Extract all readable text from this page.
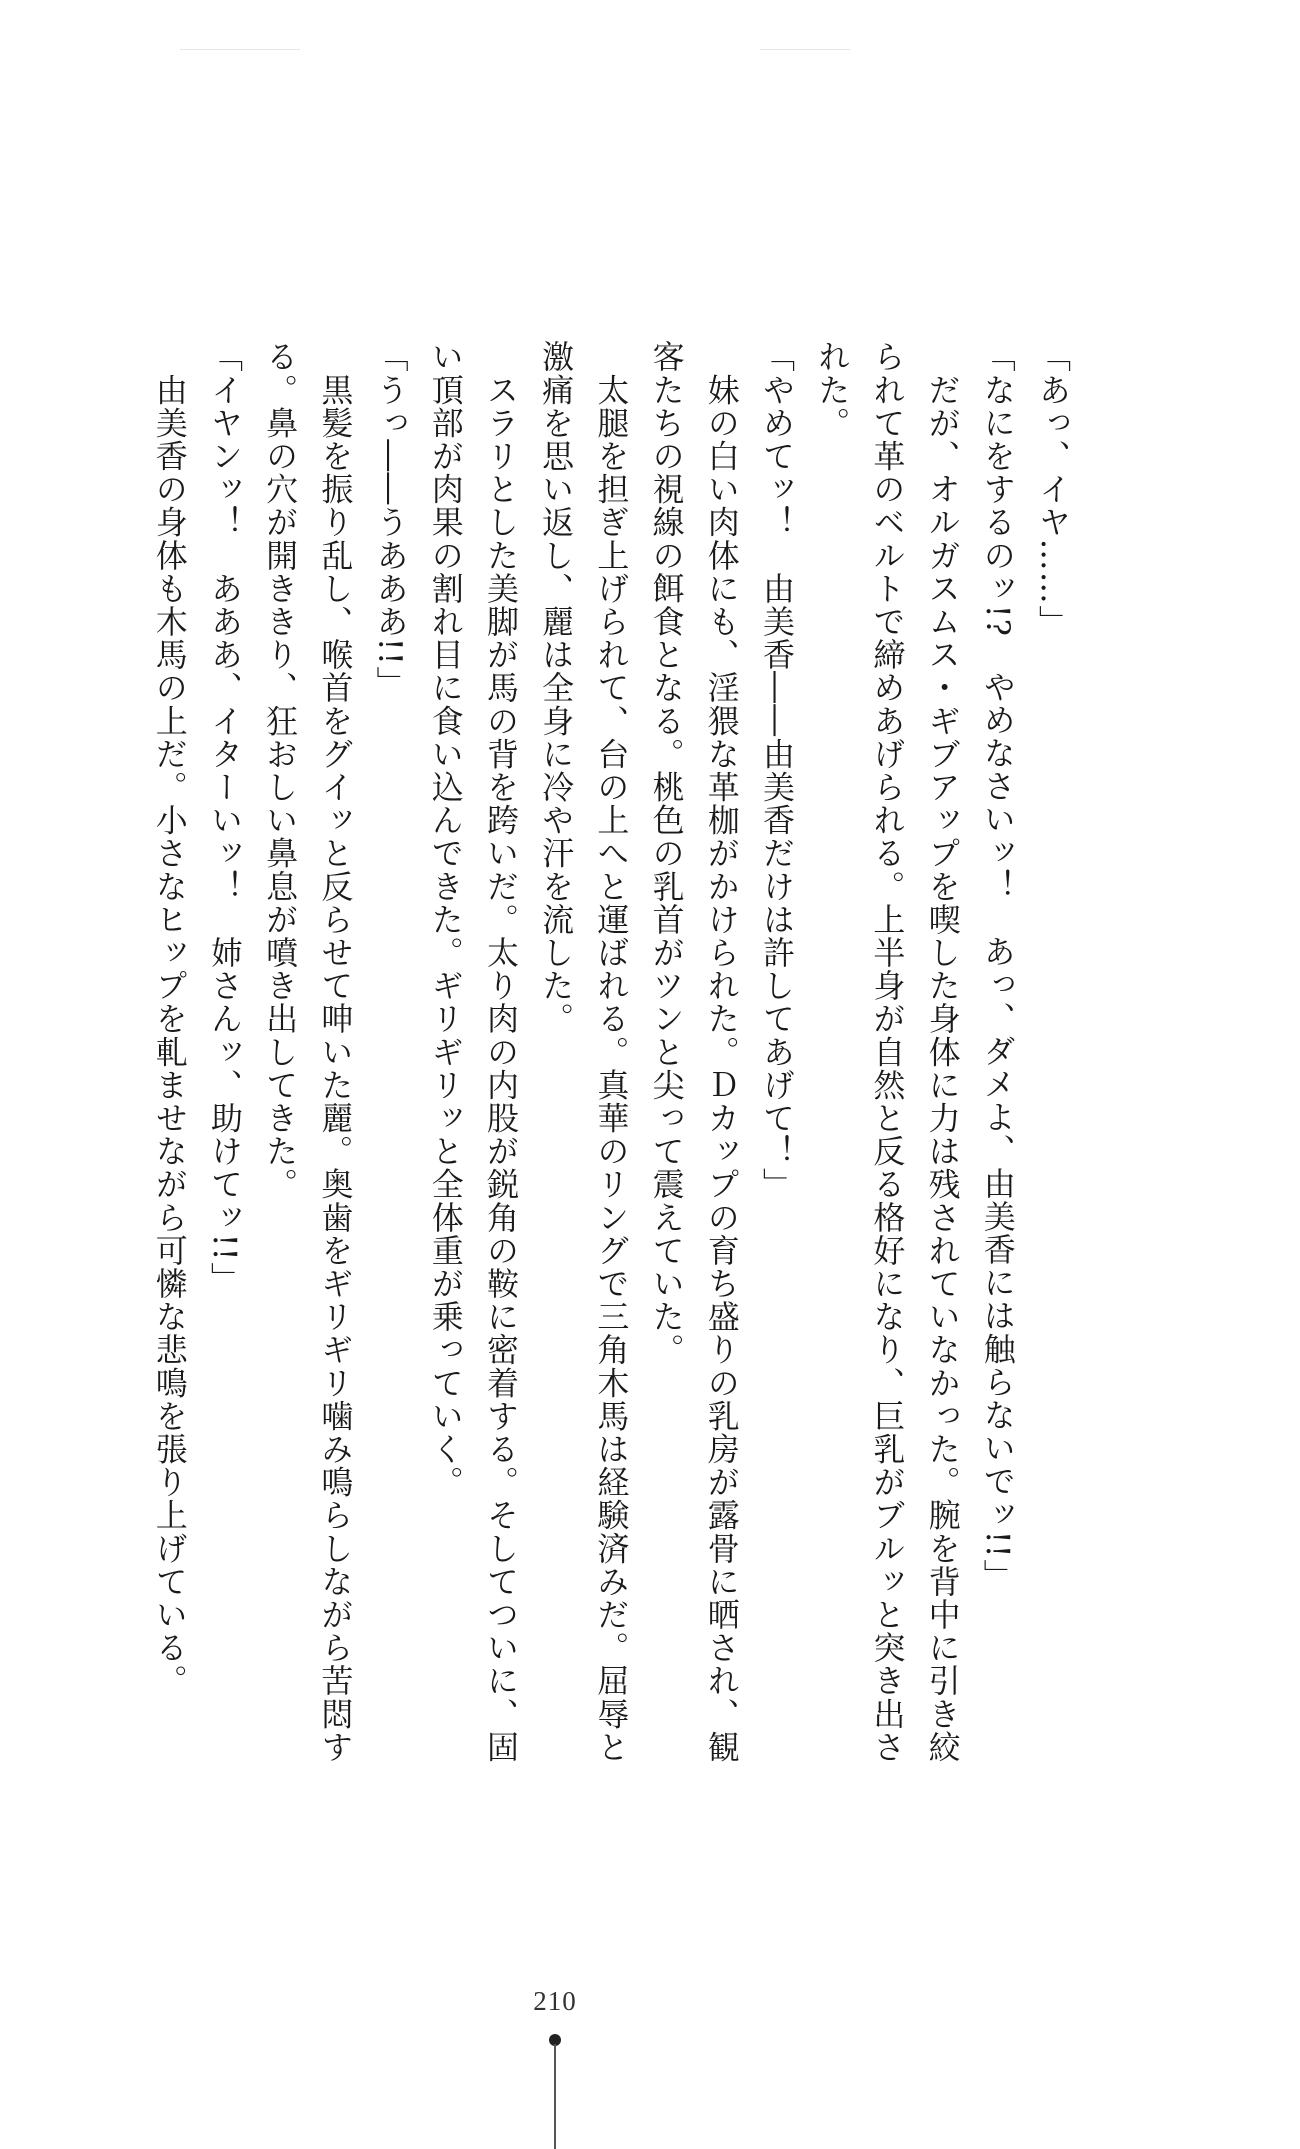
「あっ、イヤ……」

「なにをするのッ!?　やめなさいッ！　あっ、ダメよ、由美香には触らないでッ!!」

　だが、オルガスムス・ギブアップを喫した身体に力は残されていなかった。腕を背中に引き絞られて革のベルトで締めあげられる。上半身が自然と反る格好になり、巨乳がブルッと突き出された。

「やめてッ！　由美香――由美香だけは許してあげて！」

　妹の白い肉体にも、淫猥な革枷がかけられた。Ｄカップの育ち盛りの乳房が露骨に晒され、観客たちの視線の餌食となる。桃色の乳首がツンと尖って震えていた。

　太腿を担ぎ上げられて、台の上へと運ばれる。真華のリングで三角木馬は経験済みだ。屈辱と激痛を思い返し、麗は全身に冷や汗を流した。

　スラリとした美脚が馬の背を跨いだ。太り肉の内股が鋭角の鞍に密着する。そしてついに、固い頂部が肉果の割れ目に食い込んできた。ギリギリッと全体重が乗っていく。

「うっ――うあああ!!」

　黒髪を振り乱し、喉首をグイッと反らせて呻いた麗。奥歯をギリギリ噛み鳴らしながら苦悶する。鼻の穴が開ききり、狂おしい鼻息が噴き出してきた。

「イヤンッ！　あああ、イターいッ！　姉さんッ、助けてッ!!」

　由美香の身体も木馬の上だ。小さなヒップを軋ませながら可憐な悲鳴を張り上げている。

210
